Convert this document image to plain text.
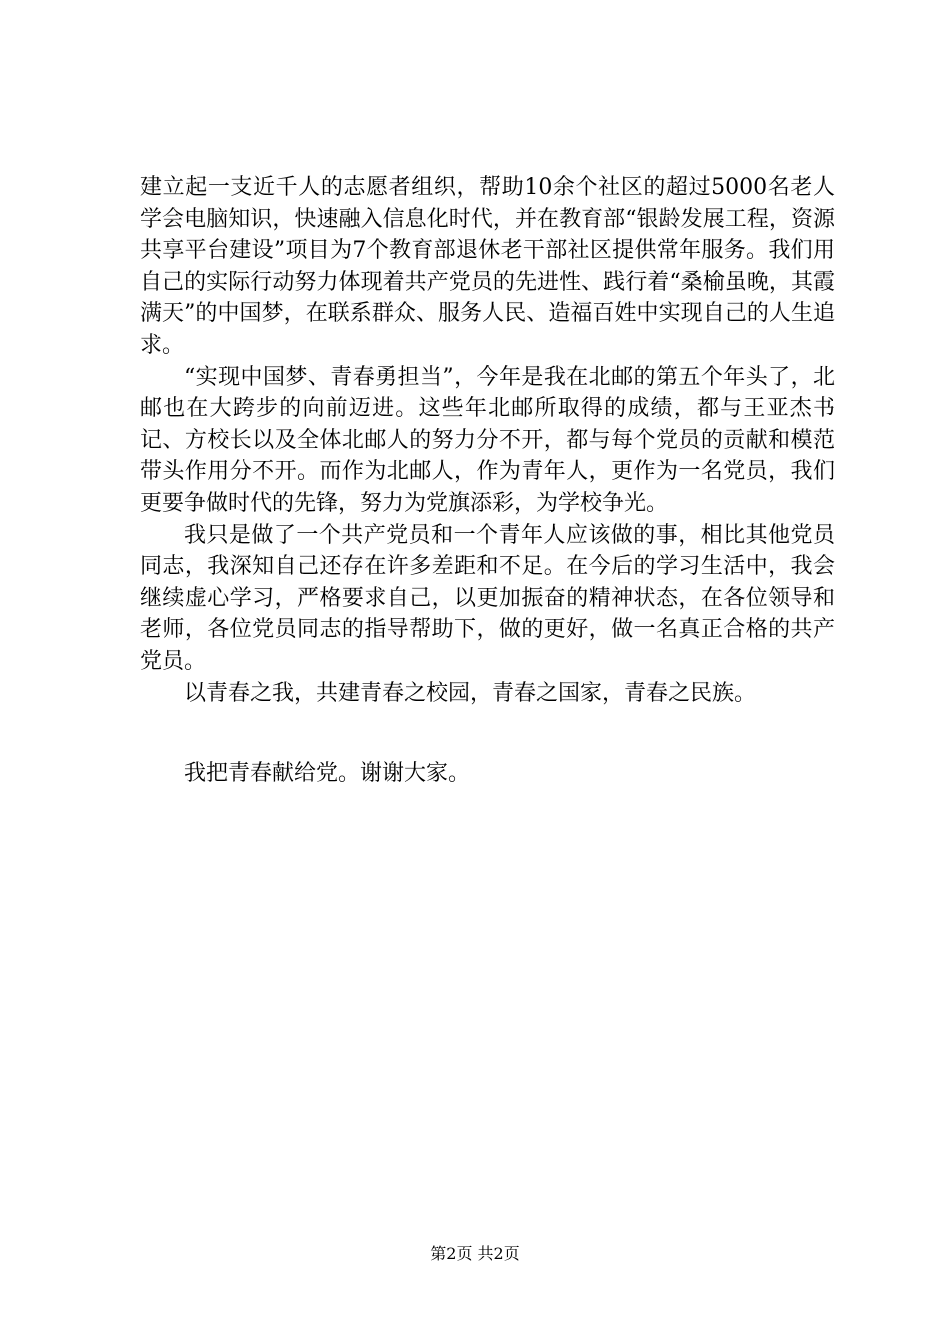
建立起一支近千人的志愿者组织，帮助10余个社区的超过5000名老人学会电脑知识，快速融入信息化时代，并在教育部“银龄发展工程，资源共享平台建设”项目为7个教育部退休老干部社区提供常年服务。我们用自己的实际行动努力体现着共产党员的先进性、践行着“桑榆虽晚，其霞满天”的中国梦，在联系群众、服务人民、造福百姓中实现自己的人生追求。

“实现中国梦、青春勇担当”，今年是我在北邮的第五个年头了，北邮也在大跨步的向前迈进。这些年北邮所取得的成绩，都与王亚杰书记、方校长以及全体北邮人的努力分不开，都与每个党员的贡献和模范带头作用分不开。而作为北邮人，作为青年人，更作为一名党员，我们更要争做时代的先锋，努力为党旗添彩，为学校争光。

我只是做了一个共产党员和一个青年人应该做的事，相比其他党员同志，我深知自己还存在许多差距和不足。在今后的学习生活中，我会继续虚心学习，严格要求自己，以更加振奋的精神状态，在各位领导和老师，各位党员同志的指导帮助下，做的更好，做一名真正合格的共产党员。

以青春之我，共建青春之校园，青春之国家，青春之民族。

我把青春献给党。谢谢大家。
第2页 共2页
